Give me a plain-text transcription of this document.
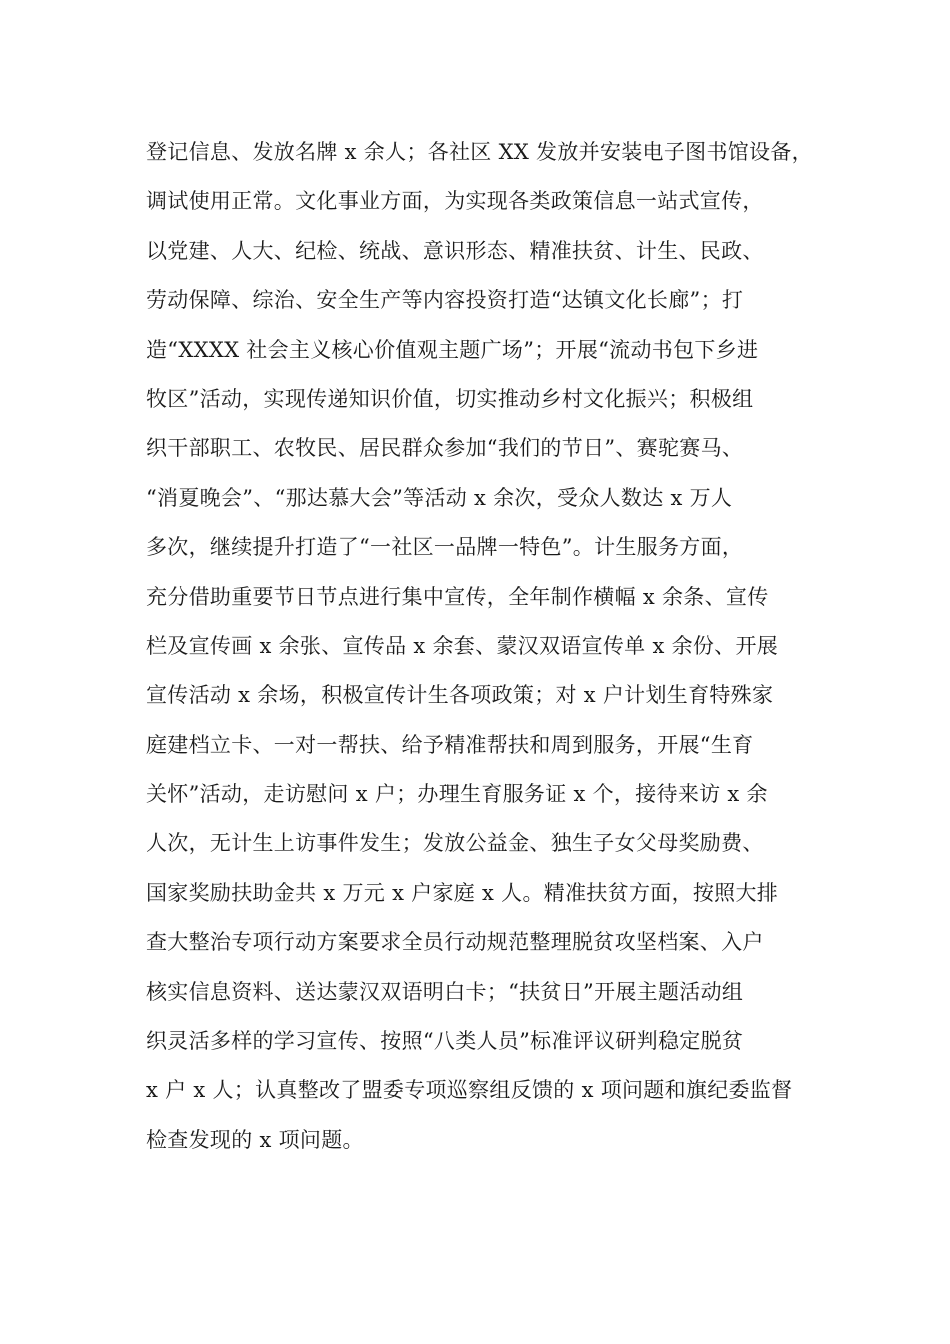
登记信息、发放名牌 x 余人；各社区 XX 发放并安装电子图书馆设备，
调试使用正常。文化事业方面，为实现各类政策信息一站式宣传，
以党建、人大、纪检、统战、意识形态、精准扶贫、计生、民政、
劳动保障、综治、安全生产等内容投资打造“达镇文化长廊”；打
造“XXXX 社会主义核心价值观主题广场”；开展“流动书包下乡进
牧区”活动，实现传递知识价值，切实推动乡村文化振兴；积极组
织干部职工、农牧民、居民群众参加“我们的节日”、赛驼赛马、
“消夏晚会”、“那达慕大会”等活动 x 余次，受众人数达 x 万人
多次，继续提升打造了“一社区一品牌一特色”。计生服务方面，
充分借助重要节日节点进行集中宣传，全年制作横幅 x 余条、宣传
栏及宣传画 x 余张、宣传品 x 余套、蒙汉双语宣传单 x 余份、开展
宣传活动 x 余场，积极宣传计生各项政策；对 x 户计划生育特殊家
庭建档立卡、一对一帮扶、给予精准帮扶和周到服务，开展“生育
关怀”活动，走访慰问 x 户；办理生育服务证 x 个，接待来访 x 余
人次，无计生上访事件发生；发放公益金、独生子女父母奖励费、
国家奖励扶助金共 x 万元 x 户家庭 x 人。精准扶贫方面，按照大排
查大整治专项行动方案要求全员行动规范整理脱贫攻坚档案、入户
核实信息资料、送达蒙汉双语明白卡；“扶贫日”开展主题活动组
织灵活多样的学习宣传、按照“八类人员”标准评议研判稳定脱贫
x 户 x 人；认真整改了盟委专项巡察组反馈的 x 项问题和旗纪委监督
检查发现的 x 项问题。
